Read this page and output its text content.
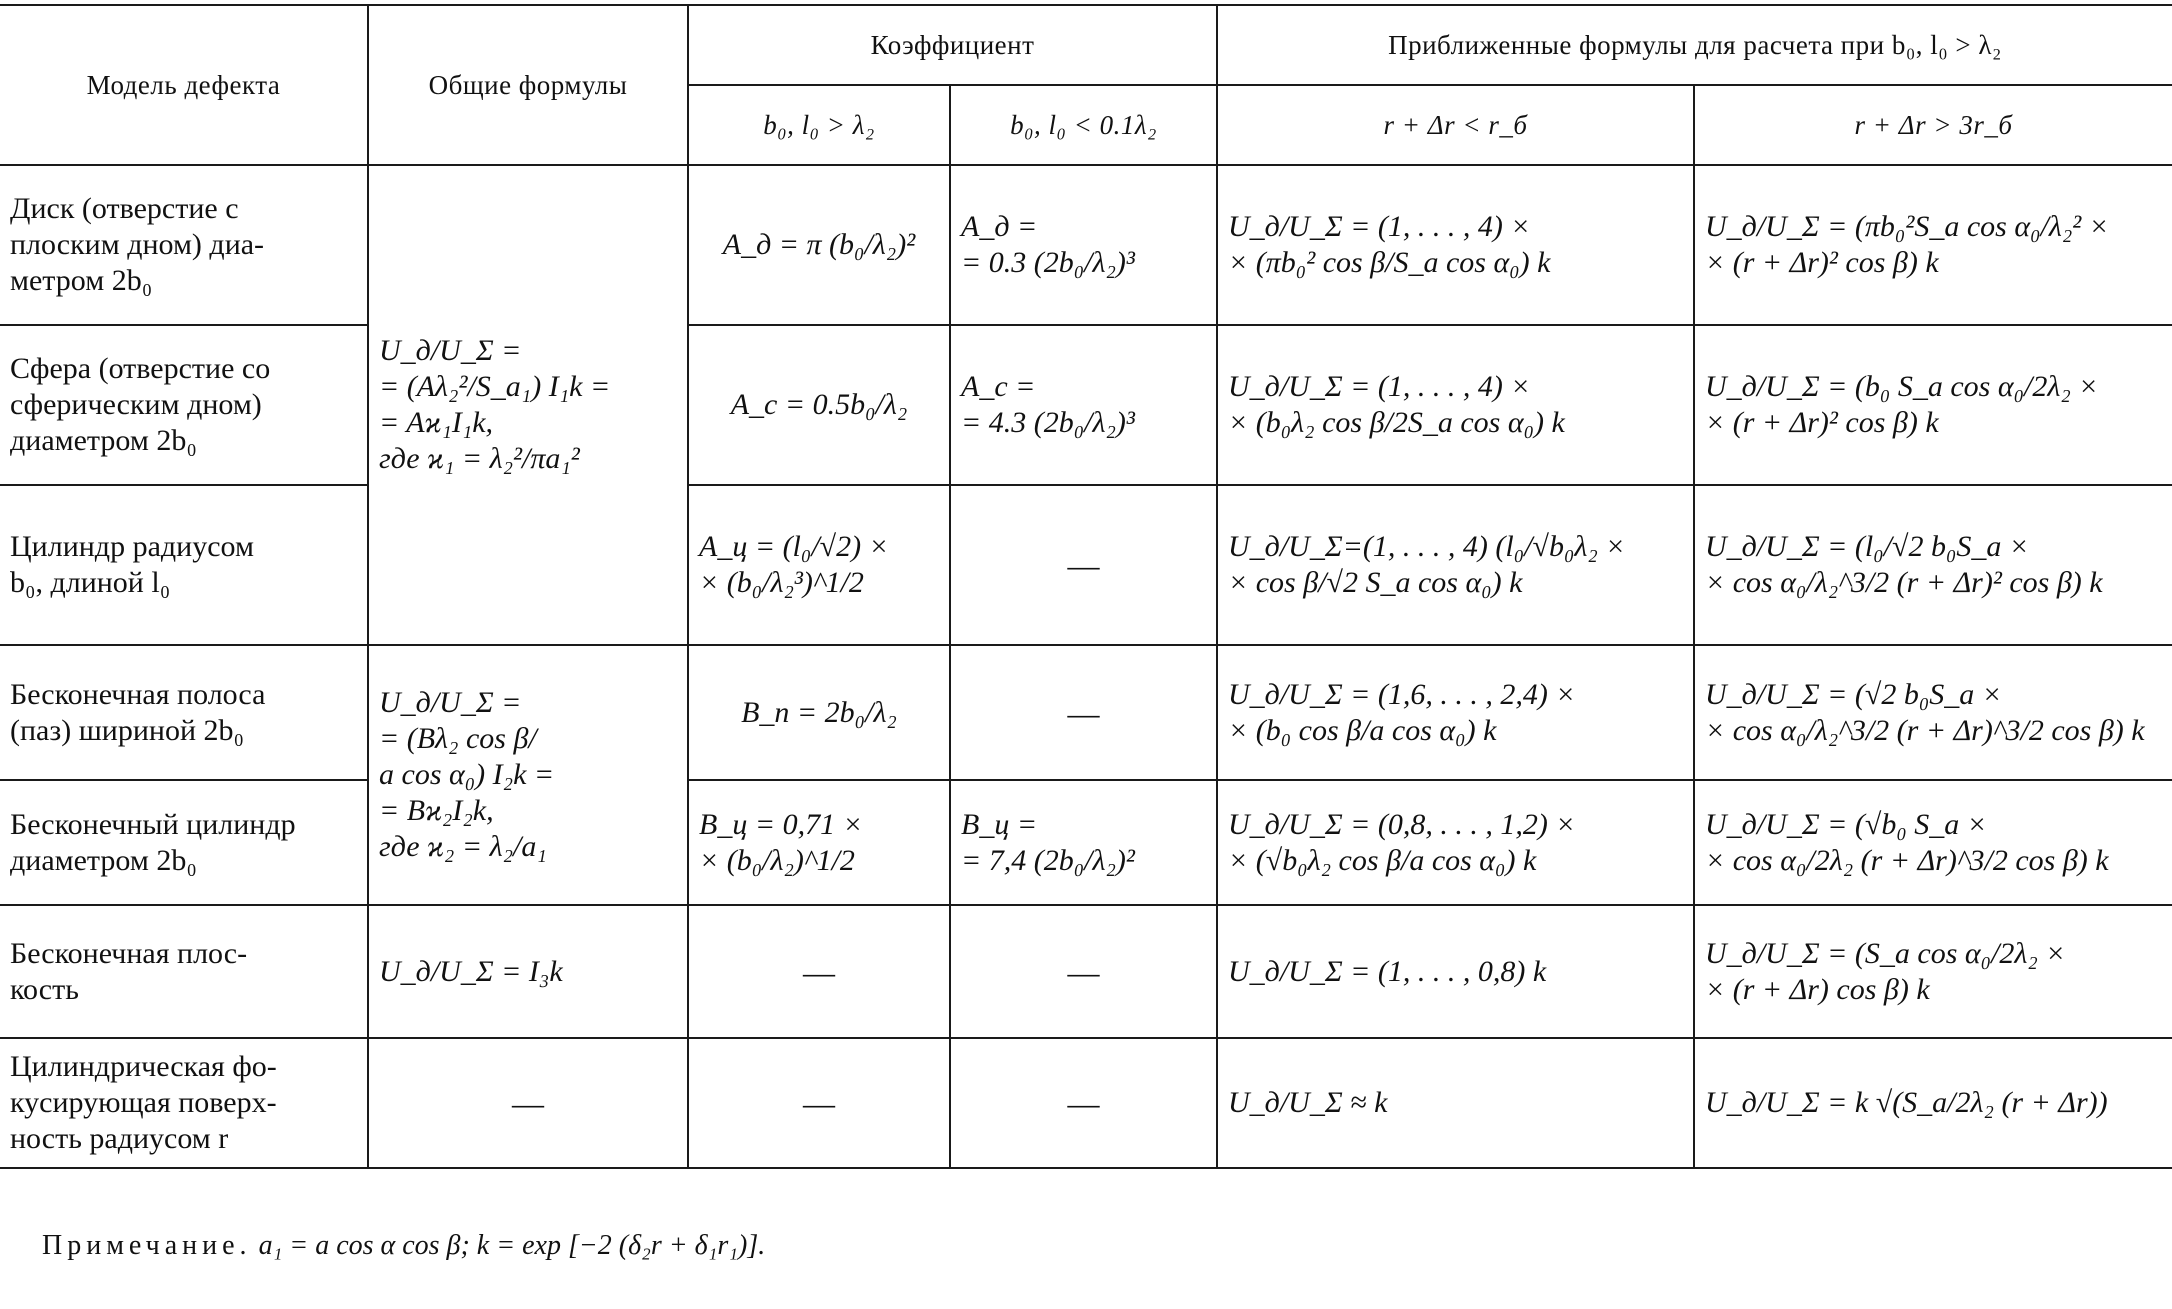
Модель дефекта	Общие формулы	Коэффициент		Приближенные формулы для расчета при b₀, l₀ > λ₂	
		b₀, l₀ > λ₂	b₀, l₀ < 0.1λ₂	r + Δr < r_б	r + Δr > 3r_б
Диск (отверстие с
плоским дном) диа-
метром 2b₀	U_д/U_Σ =
= (Aλ₂²/S_a₁) I₁k =
= Aϰ₁I₁k,
где ϰ₁ = λ₂²/πa₁²	A_д = π (b₀/λ₂)²	A_д =
= 0.3 (2b₀/λ₂)³	U_д/U_Σ = (1, . . . , 4) ×
× (πb₀² cos β/S_a cos α₀) k	U_д/U_Σ = (πb₀²S_a cos α₀/λ₂² ×
× (r + Δr)² cos β) k
Сфера (отверстие со
сферическим дном)
диаметром 2b₀		A_c = 0.5b₀/λ₂	A_c =
= 4.3 (2b₀/λ₂)³	U_д/U_Σ = (1, . . . , 4) ×
× (b₀λ₂ cos β/2S_a cos α₀) k	U_д/U_Σ = (b₀ S_a cos α₀/2λ₂ ×
× (r + Δr)² cos β) k
Цилиндр радиусом
b₀, длиной l₀		A_ц = (l₀/√2) ×
× (b₀/λ₂³)^1/2	—	U_д/U_Σ=(1, . . . , 4) (l₀/√b₀λ₂ ×
× cos β/√2 S_a cos α₀) k	U_д/U_Σ = (l₀/√2 b₀S_a ×
× cos α₀/λ₂^3/2 (r + Δr)² cos β) k
Бесконечная полоса
(паз) шириной 2b₀	U_д/U_Σ =
= (Bλ₂ cos β/
a cos α₀) I₂k =
= Bϰ₂I₂k,
где ϰ₂ = λ₂/a₁	B_п = 2b₀/λ₂	—	U_д/U_Σ = (1,6, . . . , 2,4) ×
× (b₀ cos β/a cos α₀) k	U_д/U_Σ = (√2 b₀S_a ×
× cos α₀/λ₂^3/2 (r + Δr)^3/2 cos β) k
Бесконечный цилиндр
диаметром 2b₀		B_ц = 0,71 ×
× (b₀/λ₂)^1/2	B_ц =
= 7,4 (2b₀/λ₂)²	U_д/U_Σ = (0,8, . . . , 1,2) ×
× (√b₀λ₂ cos β/a cos α₀) k	U_д/U_Σ = (√b₀ S_a ×
× cos α₀/2λ₂ (r + Δr)^3/2 cos β) k
Бесконечная плос-
кость	U_д/U_Σ = I₃k	—	—	U_д/U_Σ = (1, . . . , 0,8) k	U_д/U_Σ = (S_a cos α₀/2λ₂ ×
× (r + Δr) cos β) k
Цилиндрическая фо-
кусирующая поверх-
ность радиусом r	—	—	—	U_д/U_Σ ≈ k	U_д/U_Σ = k √(S_a/2λ₂ (r + Δr))
Примечание. a₁ = a cos α cos β; k = exp [−2 (δ₂r + δ₁r₁)].
